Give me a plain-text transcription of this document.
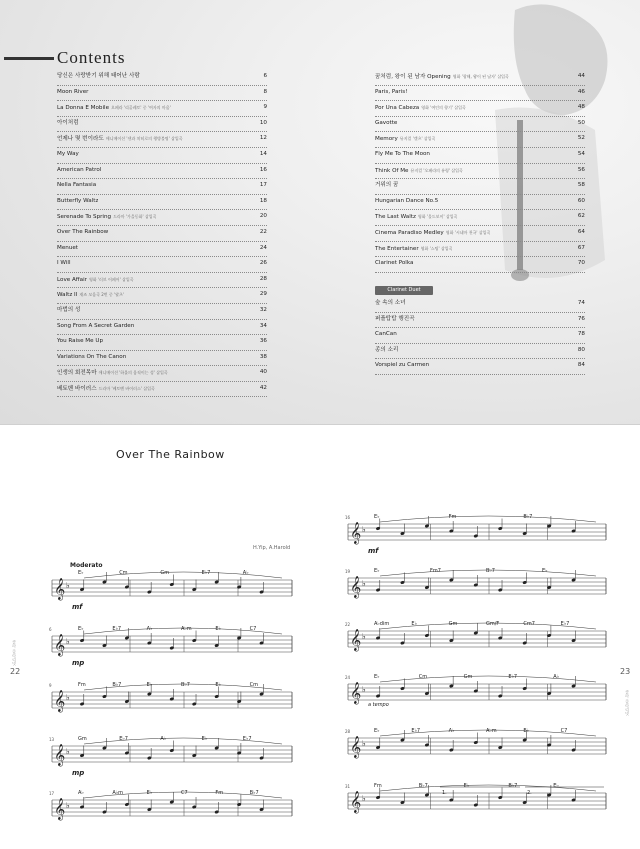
Contents
당신은 사랑받기 위해 태어난 사람	6
Moon River	8
La Donna E Mobile 오페라 '리골레토' 중 '여자의 마음'	9
아이처럼	10
언제나 몇 번이라도 애니메이션 '센과 치히로의 행방불명' 삽입곡	12
My Way	14
American Patrol	16
Nella Fantasia	17
Butterfly Waltz	18
Serenade To Spring 드라마 '가을동화' 삽입곡	20
Over The Rainbow	22
Menuet	24
I Will	26
Love Affair 영화 '러브 어페어' 삽입곡	28
Waltz II 재즈 모음곡 2번 중 '왈츠'	29
마법의 성	32
Song From A Secret Garden	34
You Raise Me Up	36
Variations On The Canon	38
인생의 회전목마 애니메이션 '하울의 움직이는 성' 삽입곡	40
베토벤 바이러스 드라마 '베토벤 바이러스' 삽입곡	42
꿈처럼, 왕이 된 남자 Opening 영화 '광해, 왕이 된 남자' 삽입곡	44
Paris, Paris!	46
Por Una Cabeza 영화 '여인의 향기' 삽입곡	48
Gavotte	50
Memory 뮤지컬 '캣츠' 삽입곡	52
Fly Me To The Moon	54
Think Of Me 뮤지컬 '오페라의 유령' 삽입곡	56
거위의 꿈	58
Hungarian Dance No.5	60
The Last Waltz 영화 '올드보이' 삽입곡	62
Cinema Paradiso Medley 영화 '시네마 천국' 삽입곡	64
The Entertainer 영화 '스팅' 삽입곡	67
Clarinet Polka	70
Clarinet Duet
숲 속의 소녀	74
퍼플탑탑 행진곡	76
CanCan	78
종의 소리	80
Vorspiel zu Carmen	84
Over The Rainbow
H.Yip, A.Harold
22	23
클라 클라리넷
클라 클라리넷
𝄞 ♭
E♭	Cm	Gm	E♭7	A♭
mf
𝄞 ♭
6	E♭	E♭7	A♭	A♭m	E♭	C7
mp
𝄞 ♭
9	Fm	B♭7	E♭	B♭7	E♭	Cm
𝄞 ♭
13	Gm	E♭7	A♭	E♭	E♭7
mp
𝄞 ♭
17	A♭	A♭m	E♭	C7	Fm	B♭7
𝄞 ♭
16	E♭	Fm	B♭7
mf
𝄞 ♭
19	E♭	Fm7	B♭7	E♭
𝄞 ♭
22	A♭dim	E♭	Gm	Gm/F	Cm7	E♭7
𝄞 ♭
24	E♭	Cm	Gm	E♭7	A♭
𝄞 ♭
28	E♭	E♭7	A♭	A♭m	E♭	C7
𝄞 ♭
31	Fm	B♭7	E♭	B♭7	E♭
Moderato
a tempo
1.	2.
